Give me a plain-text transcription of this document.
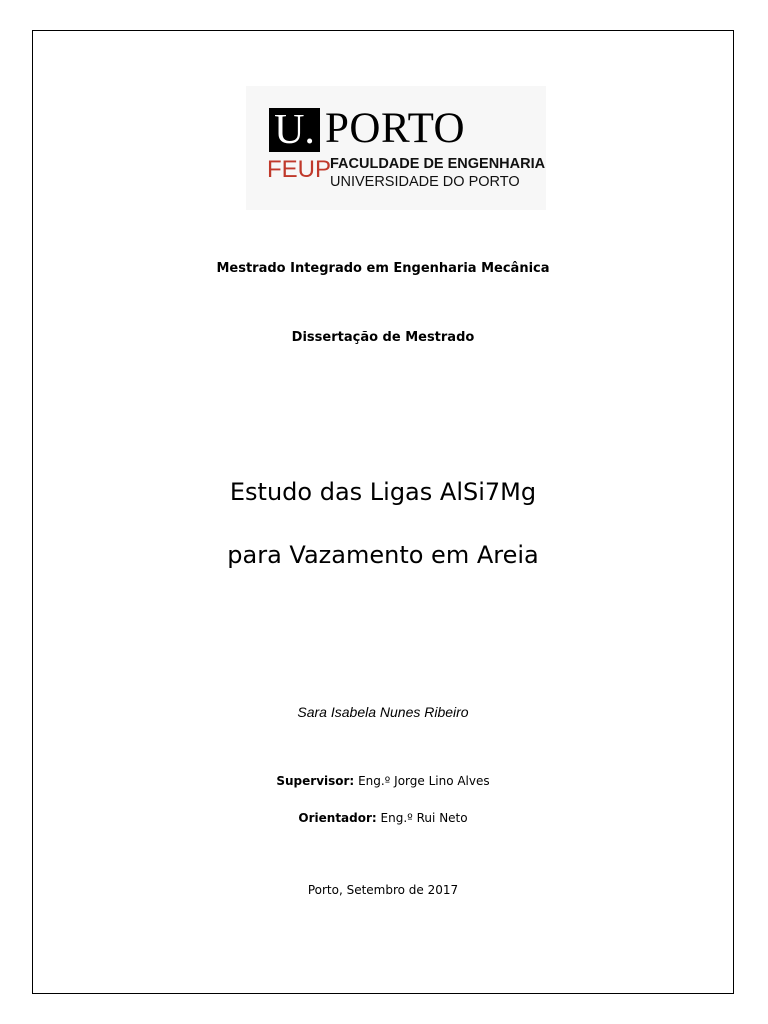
U. PORTO
FEUP
FACULDADE DE ENGENHARIA
UNIVERSIDADE DO PORTO
Mestrado Integrado em Engenharia Mecânica
Dissertação de Mestrado
Estudo das Ligas AlSi7Mg
para Vazamento em Areia
Sara Isabela Nunes Ribeiro
Supervisor: Eng.º Jorge Lino Alves
Orientador: Eng.º Rui Neto
Porto, Setembro de 2017
